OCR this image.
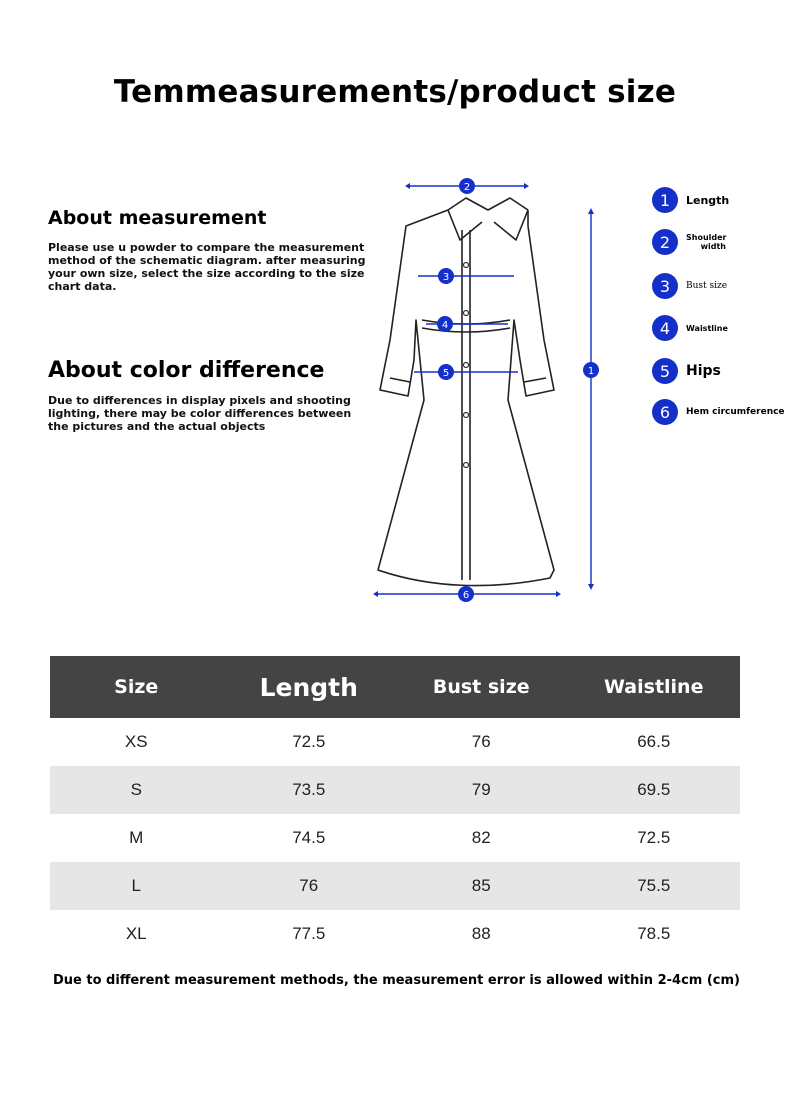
Temmeasurements/product size
About measurement
Please use u powder to compare the measurement method of the schematic diagram. after measuring your own size, select the size according to the size chart data.
About color difference
Due to differences in display pixels and shooting lighting, there may be color differences between the pictures and the actual objects
2
3
4
5
6
1
1	Length
2	Shoulder width
3	Bust size
4	Waistline
5	Hips
6	Hem circumference
Size	Length	Bust size	Waistline
XS	72.5	76	66.5
S	73.5	79	69.5
M	74.5	82	72.5
L	76	85	75.5
XL	77.5	88	78.5
Due to different measurement methods, the measurement error is allowed within 2-4cm (cm)
